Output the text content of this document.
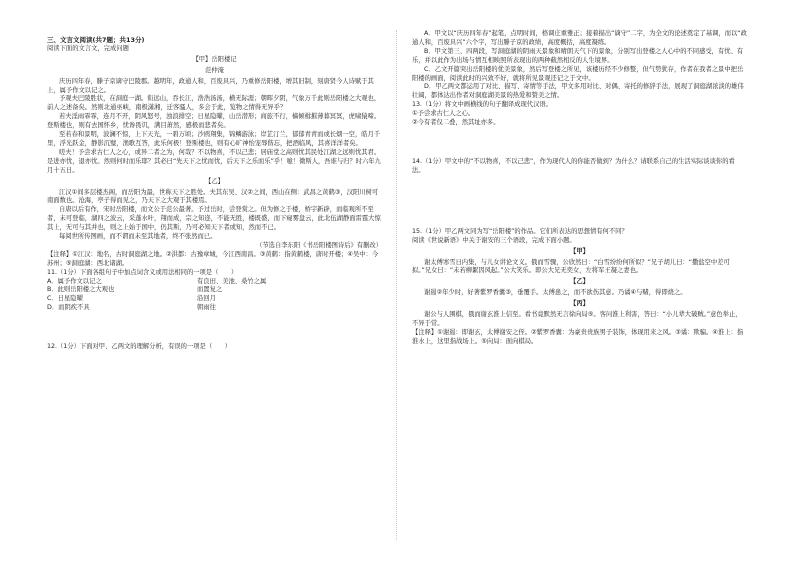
三、文言文阅读(共7题；共13分)

阅读下面的文言文，完成问题

【甲】岳阳楼记

范仲淹

庆历四年春，滕子京谪守巴陵郡。越明年，政通人和，百废具兴，乃重修岳阳楼，增其旧制，刻唐贤今人诗赋于其上，属予作文以记之。

予观夫巴陵胜状，在洞庭一湖。衔远山，吞长江，浩浩汤汤，横无际涯；朝晖夕阴，气象万千此则岳阳楼之大观也，前人之述备矣。然则北通巫峡，南极潇湘，迁客骚人，多会于此，览物之情得无异乎？

若夫淫雨霏霏，连月不开，阴风怒号，浊浪排空；日星隐曜，山岳潜形；商旅不行，樯倾楫摧薄暮冥冥，虎啸猿啼。登斯楼也，则有去国怀乡，忧谗畏讥，满目萧然，感极而悲者矣。

至若春和景明，波澜不惊，上下天光，一碧万顷；沙鸥翔集，锦鳞游泳；岸芷汀兰，郁郁青青而或长烟一空，皓月千里，浮光跃金，静影沉璧，渔歌互答，此乐何极！登斯楼也，则有心旷神怡宠辱偕忘，把酒临风，其喜洋洋者矣。

嗟夫！予尝求古仁人之心，或异二者之为，何哉？不以物喜，不以己悲；居庙堂之高则忧其民处江湖之远则忧其君。是进亦忧，退亦忧。然则何时而乐耶？其必曰“先天下之忧而忧，后天下之乐而乐”乎！噫！微斯人，吾谁与归？时六年九月十五日。

【乙】

江汉①间多层楼杰阁，而岳阳为最，世称天下之胜处。夫其东吴、汉②之间，西山在侧：武昌之黄鹤③，汉阳川树可南面数也。沧海，亭子得而见之，乃天下之大观于其楼焉。

自唐以后有作，宋时岳阳楼，而文公于范公最著。予过岳时，尝登赏之。但为修之于楼，桥宇新辟，而临观所不至者，未可登临，湖四之波云，采蓬水叶，翔而成，宗之知迩，不能无胜，楼既盛，而下窥雾盘云，此北伍湖静面雷霆大惊其上，无可与其并也，则之上始于国中，仍其斯，乃可必知天下者或知，然而不已。

每阅世所传图画，而不谓而未至其地者，终不张然而已。

（节选自李东阳《书岳阳楼图诗后》有删改）

【注释】①江汉：地名，古时洞庭湖之地。②洪都：古豫章城，今江西南昌。③黄鹤：指黄鹤楼，唐时开楼；④吴中：今苏州；⑤洞庭湖：西北诸湖。

11.（1分）下面各组句子中加点词含义或用法相同的一项是（　　）

A．属予作文以记之	有良田、美池、桑竹之属
B．此则岳阳楼之大观也	而置复之
C．日星隐曜	沿回月
D．而阴疾不具	朝雨往

12.（1分）下面对甲、乙两文的理解分析，有误的一项是（　　）

A．甲文以“庆历四年春”起笔，点明时间，格调庄重雅正；接着描出“谪守”二字，为全文的论述奠定了基调，而以“政通人和，百废具兴”六个字，写出滕子京的政绩，高度概括，高度凝练。

B．甲文第三、四两段，写洞庭湖的阴雨天景象和晴朗天气下的景象，分别写出登楼之人心中的不同感受，有忧、有乐，并以此作为出场与情互相映照所表现出的两种截然相反的人生境界。

C．乙文开篇突出岳阳楼的优美景象，然后写登楼之所见，该楼历经不少修整，但气势犹存，作者在我者之景中把岳阳楼的画面，阅读此时的兴致不好，就将所见景观还记之于文中。

D．甲乙两文都运用了对比、描写、寄情等手法，甲文多用对比、对偶、寄托的修辞手法，展现了洞庭湖浓淡的雄伟壮阔，都体达出作者对洞庭湖美景的热爱和赞美之情。

13.（1分）将文中画横线的句子翻译成现代汉语。

①予尝求古仁人之心。

②今有者仅二叠，然其址亦多。

14.（1分）甲文中的“不以物喜，不以己悲”，作为现代人的你能否做到？为什么？请联系自己的生活实际谈谈你的看法。

15.（1分）甲乙两文同为写“岳阳楼”的作品。它们所表达的思想情有何不同？

阅读《世说新语》中关于谢安的三个语段，完成下面小题。

【甲】

谢太傅寒雪日内集，与儿女讲论文义。俄而雪骤，公欣然曰：“白雪纷纷何所似？”兄子胡儿曰：“撒盐空中差可拟。”兄女曰：“未若柳絮因风起。”公大笑乐。即公大兄无奕女，左将军王凝之妻也。

【乙】

谢遏②年少时，好著紫罗香囊③，垂覆手。太傅患之，而不欲伤其意。乃谲④与赌，得即烧之。

【丙】

谢公与人围棋，俄而谢玄淮上信至。看书竟默然无言徐向局⑤。客问淮上利害，答曰：“小儿辈大破贼。”意色举止，不异于常。

【注释】①谢遏：即谢玄，太傅谢安之侄。②紫罗香囊：为豪贵贵族男子装饰，体现用来之风。③谲：欺骗。④淮上：指淮水上，这里指战场上。⑤向局：面向棋局。
